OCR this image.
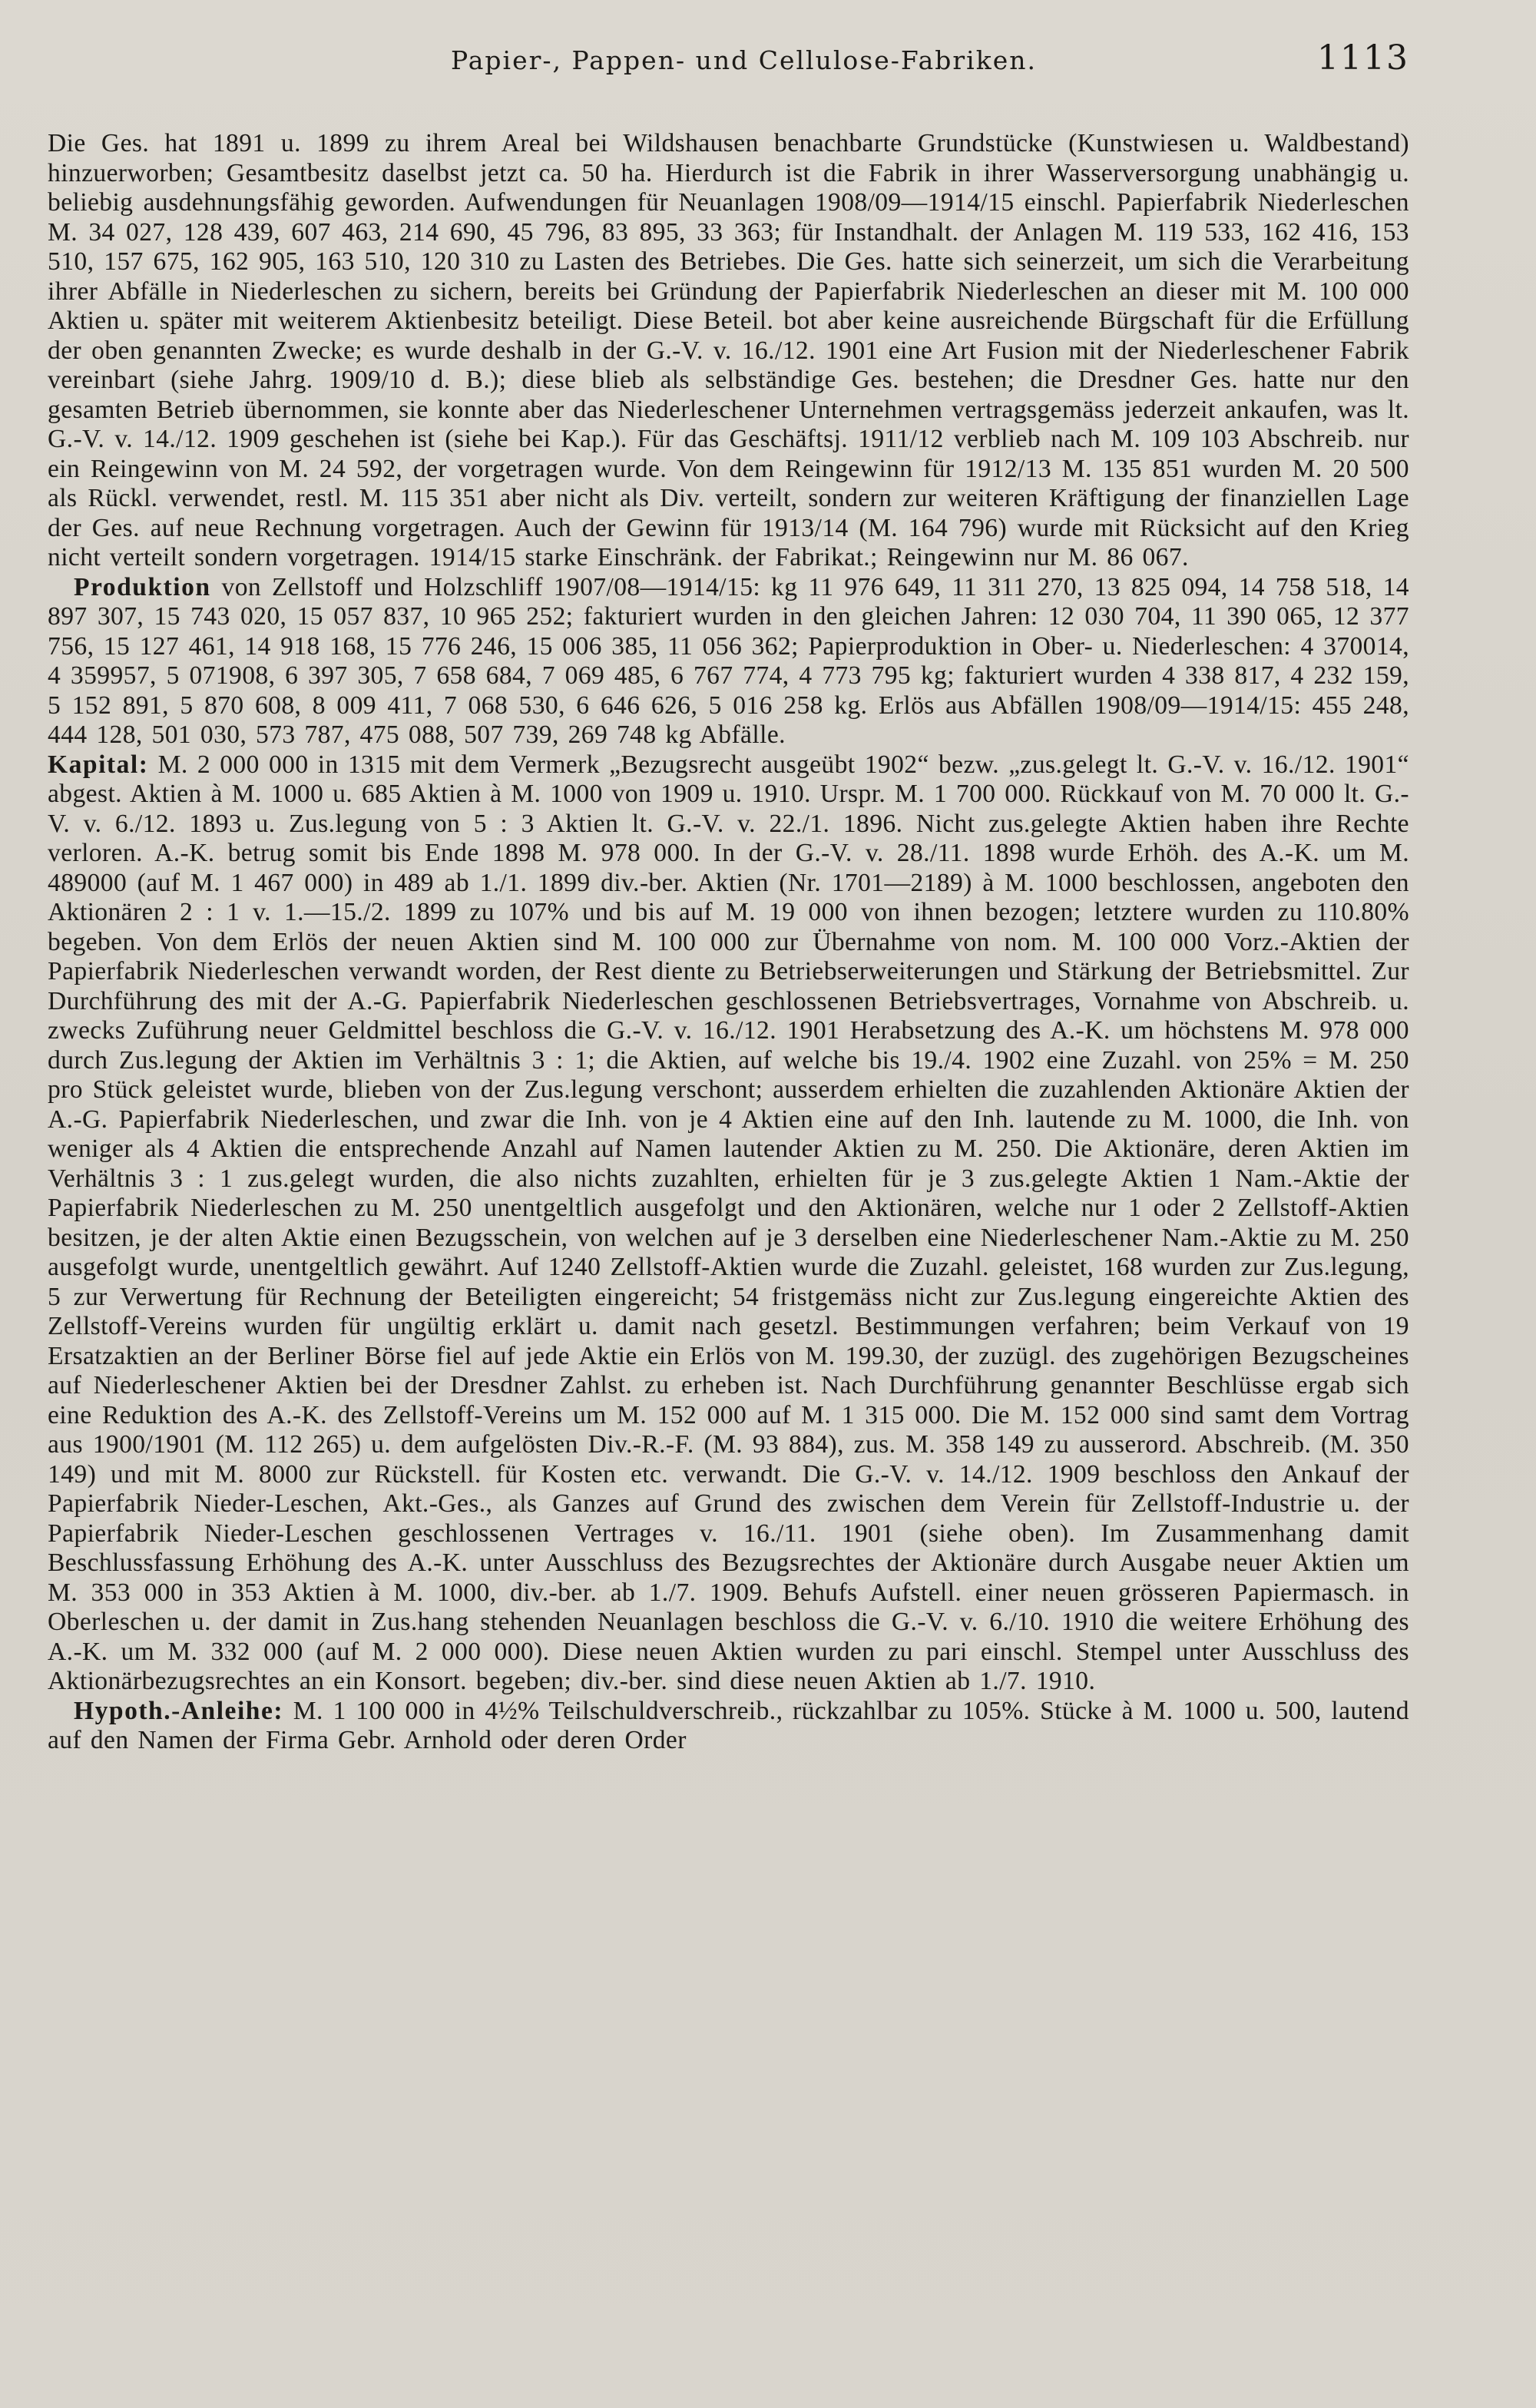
Papier-, Pappen- und Cellulose-Fabriken.	1113

Die Ges. hat 1891 u. 1899 zu ihrem Areal bei Wildshausen benachbarte Grundstücke (Kunstwiesen u. Waldbestand) hinzuerworben; Gesamtbesitz daselbst jetzt ca. 50 ha. Hierdurch ist die Fabrik in ihrer Wasserversorgung unabhängig u. beliebig ausdehnungsfähig geworden. Aufwendungen für Neuanlagen 1908/09—1914/15 einschl. Papierfabrik Niederleschen M. 34 027, 128 439, 607 463, 214 690, 45 796, 83 895, 33 363; für Instandhalt. der Anlagen M. 119 533, 162 416, 153 510, 157 675, 162 905, 163 510, 120 310 zu Lasten des Betriebes. Die Ges. hatte sich seinerzeit, um sich die Verarbeitung ihrer Abfälle in Niederleschen zu sichern, bereits bei Gründung der Papierfabrik Niederleschen an dieser mit M. 100 000 Aktien u. später mit weiterem Aktienbesitz beteiligt. Diese Beteil. bot aber keine ausreichende Bürgschaft für die Erfüllung der oben genannten Zwecke; es wurde deshalb in der G.-V. v. 16./12. 1901 eine Art Fusion mit der Niederleschener Fabrik vereinbart (siehe Jahrg. 1909/10 d. B.); diese blieb als selbständige Ges. bestehen; die Dresdner Ges. hatte nur den gesamten Betrieb übernommen, sie konnte aber das Niederleschener Unternehmen vertragsgemäss jederzeit ankaufen, was lt. G.-V. v. 14./12. 1909 geschehen ist (siehe bei Kap.). Für das Geschäftsj. 1911/12 verblieb nach M. 109 103 Abschreib. nur ein Reingewinn von M. 24 592, der vorgetragen wurde. Von dem Reingewinn für 1912/13 M. 135 851 wurden M. 20 500 als Rückl. verwendet, restl. M. 115 351 aber nicht als Div. verteilt, sondern zur weiteren Kräftigung der finanziellen Lage der Ges. auf neue Rechnung vorgetragen. Auch der Gewinn für 1913/14 (M. 164 796) wurde mit Rücksicht auf den Krieg nicht verteilt sondern vorgetragen. 1914/15 starke Einschränk. der Fabrikat.; Reingewinn nur M. 86 067.

Produktion von Zellstoff und Holzschliff 1907/08—1914/15: kg 11 976 649, 11 311 270, 13 825 094, 14 758 518, 14 897 307, 15 743 020, 15 057 837, 10 965 252; fakturiert wurden in den gleichen Jahren: 12 030 704, 11 390 065, 12 377 756, 15 127 461, 14 918 168, 15 776 246, 15 006 385, 11 056 362; Papierproduktion in Ober- u. Niederleschen: 4 370014, 4 359957, 5 071908, 6 397 305, 7 658 684, 7 069 485, 6 767 774, 4 773 795 kg; fakturiert wurden 4 338 817, 4 232 159, 5 152 891, 5 870 608, 8 009 411, 7 068 530, 6 646 626, 5 016 258 kg. Erlös aus Abfällen 1908/09—1914/15: 455 248, 444 128, 501 030, 573 787, 475 088, 507 739, 269 748 kg Abfälle.

Kapital: M. 2 000 000 in 1315 mit dem Vermerk „Bezugsrecht ausgeübt 1902“ bezw. „zus.gelegt lt. G.-V. v. 16./12. 1901“ abgest. Aktien à M. 1000 u. 685 Aktien à M. 1000 von 1909 u. 1910. Urspr. M. 1 700 000. Rückkauf von M. 70 000 lt. G.-V. v. 6./12. 1893 u. Zus.legung von 5 : 3 Aktien lt. G.-V. v. 22./1. 1896. Nicht zus.gelegte Aktien haben ihre Rechte verloren. A.-K. betrug somit bis Ende 1898 M. 978 000. In der G.-V. v. 28./11. 1898 wurde Erhöh. des A.-K. um M. 489000 (auf M. 1 467 000) in 489 ab 1./1. 1899 div.-ber. Aktien (Nr. 1701—2189) à M. 1000 beschlossen, angeboten den Aktionären 2 : 1 v. 1.—15./2. 1899 zu 107% und bis auf M. 19 000 von ihnen bezogen; letztere wurden zu 110.80% begeben. Von dem Erlös der neuen Aktien sind M. 100 000 zur Übernahme von nom. M. 100 000 Vorz.-Aktien der Papierfabrik Niederleschen verwandt worden, der Rest diente zu Betriebserweiterungen und Stärkung der Betriebsmittel. Zur Durchführung des mit der A.-G. Papierfabrik Niederleschen geschlossenen Betriebsvertrages, Vornahme von Abschreib. u. zwecks Zuführung neuer Geldmittel beschloss die G.-V. v. 16./12. 1901 Herabsetzung des A.-K. um höchstens M. 978 000 durch Zus.legung der Aktien im Verhältnis 3 : 1; die Aktien, auf welche bis 19./4. 1902 eine Zuzahl. von 25% = M. 250 pro Stück geleistet wurde, blieben von der Zus.legung verschont; ausserdem erhielten die zuzahlenden Aktionäre Aktien der A.-G. Papierfabrik Niederleschen, und zwar die Inh. von je 4 Aktien eine auf den Inh. lautende zu M. 1000, die Inh. von weniger als 4 Aktien die entsprechende Anzahl auf Namen lautender Aktien zu M. 250. Die Aktionäre, deren Aktien im Verhältnis 3 : 1 zus.gelegt wurden, die also nichts zuzahlten, erhielten für je 3 zus.gelegte Aktien 1 Nam.-Aktie der Papierfabrik Niederleschen zu M. 250 unentgeltlich ausgefolgt und den Aktionären, welche nur 1 oder 2 Zellstoff-Aktien besitzen, je der alten Aktie einen Bezugsschein, von welchen auf je 3 derselben eine Niederleschener Nam.-Aktie zu M. 250 ausgefolgt wurde, unentgeltlich gewährt. Auf 1240 Zellstoff-Aktien wurde die Zuzahl. geleistet, 168 wurden zur Zus.legung, 5 zur Verwertung für Rechnung der Beteiligten eingereicht; 54 fristgemäss nicht zur Zus.legung eingereichte Aktien des Zellstoff-Vereins wurden für ungültig erklärt u. damit nach gesetzl. Bestimmungen verfahren; beim Verkauf von 19 Ersatzaktien an der Berliner Börse fiel auf jede Aktie ein Erlös von M. 199.30, der zuzügl. des zugehörigen Bezugscheines auf Niederleschener Aktien bei der Dresdner Zahlst. zu erheben ist. Nach Durchführung genannter Beschlüsse ergab sich eine Reduktion des A.-K. des Zellstoff-Vereins um M. 152 000 auf M. 1 315 000. Die M. 152 000 sind samt dem Vortrag aus 1900/1901 (M. 112 265) u. dem aufgelösten Div.-R.-F. (M. 93 884), zus. M. 358 149 zu ausserord. Abschreib. (M. 350 149) und mit M. 8000 zur Rückstell. für Kosten etc. verwandt. Die G.-V. v. 14./12. 1909 beschloss den Ankauf der Papierfabrik Nieder-Leschen, Akt.-Ges., als Ganzes auf Grund des zwischen dem Verein für Zellstoff-Industrie u. der Papierfabrik Nieder-Leschen geschlossenen Vertrages v. 16./11. 1901 (siehe oben). Im Zusammenhang damit Beschlussfassung Erhöhung des A.-K. unter Ausschluss des Bezugsrechtes der Aktionäre durch Ausgabe neuer Aktien um M. 353 000 in 353 Aktien à M. 1000, div.-ber. ab 1./7. 1909. Behufs Aufstell. einer neuen grösseren Papiermasch. in Oberleschen u. der damit in Zus.hang stehenden Neuanlagen beschloss die G.-V. v. 6./10. 1910 die weitere Erhöhung des A.-K. um M. 332 000 (auf M. 2 000 000). Diese neuen Aktien wurden zu pari einschl. Stempel unter Ausschluss des Aktionärbezugsrechtes an ein Konsort. begeben; div.-ber. sind diese neuen Aktien ab 1./7. 1910.

Hypoth.-Anleihe: M. 1 100 000 in 4½% Teilschuldverschreib., rückzahlbar zu 105%. Stücke à M. 1000 u. 500, lautend auf den Namen der Firma Gebr. Arnhold oder deren Order
